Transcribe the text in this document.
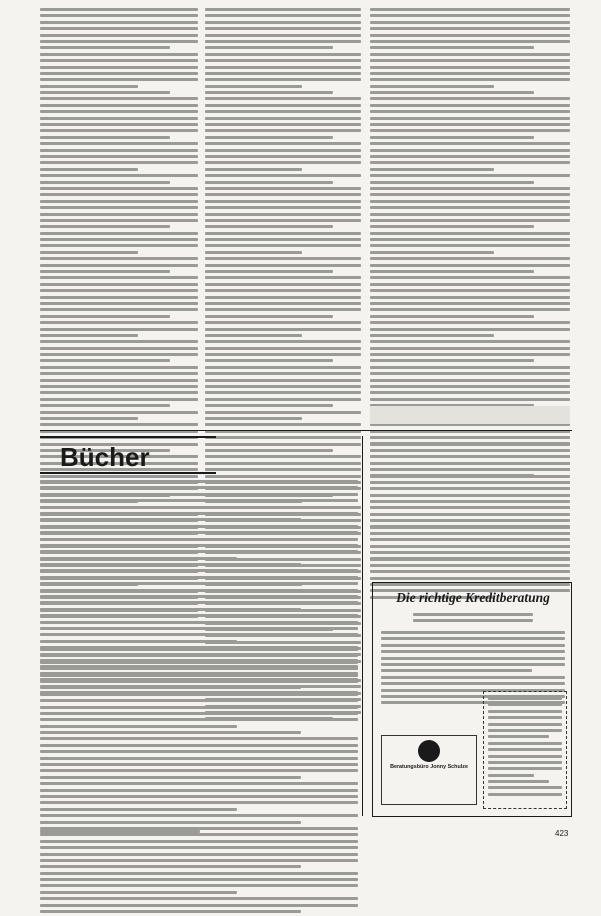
Bücher
Die richtige Kreditberatung
Beratungsbüro Jonny Schulze
423
